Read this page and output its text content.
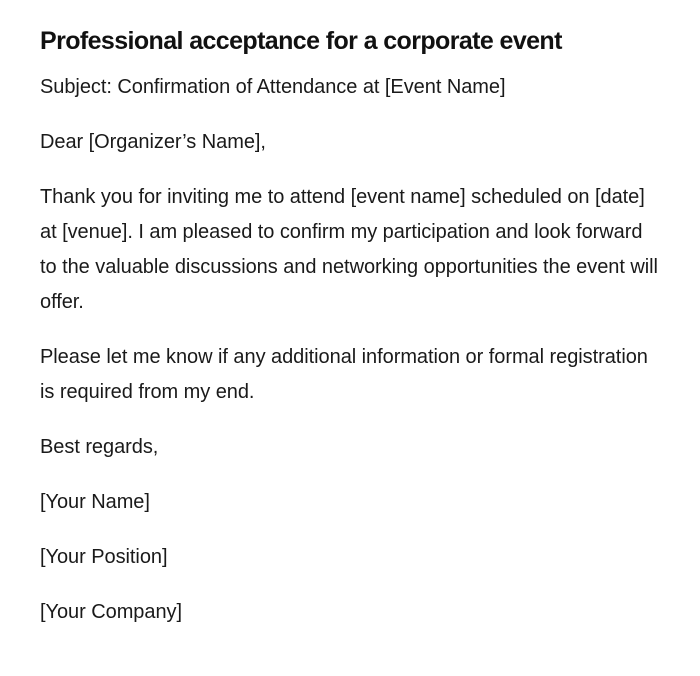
Professional acceptance for a corporate event

Subject: Confirmation of Attendance at [Event Name]

Dear [Organizer’s Name],

Thank you for inviting me to attend [event name] scheduled on [date] at [venue]. I am pleased to confirm my participation and look forward to the valuable discussions and networking opportunities the event will offer.

Please let me know if any additional information or formal registration is required from my end.

Best regards,

[Your Name]

[Your Position]

[Your Company]
